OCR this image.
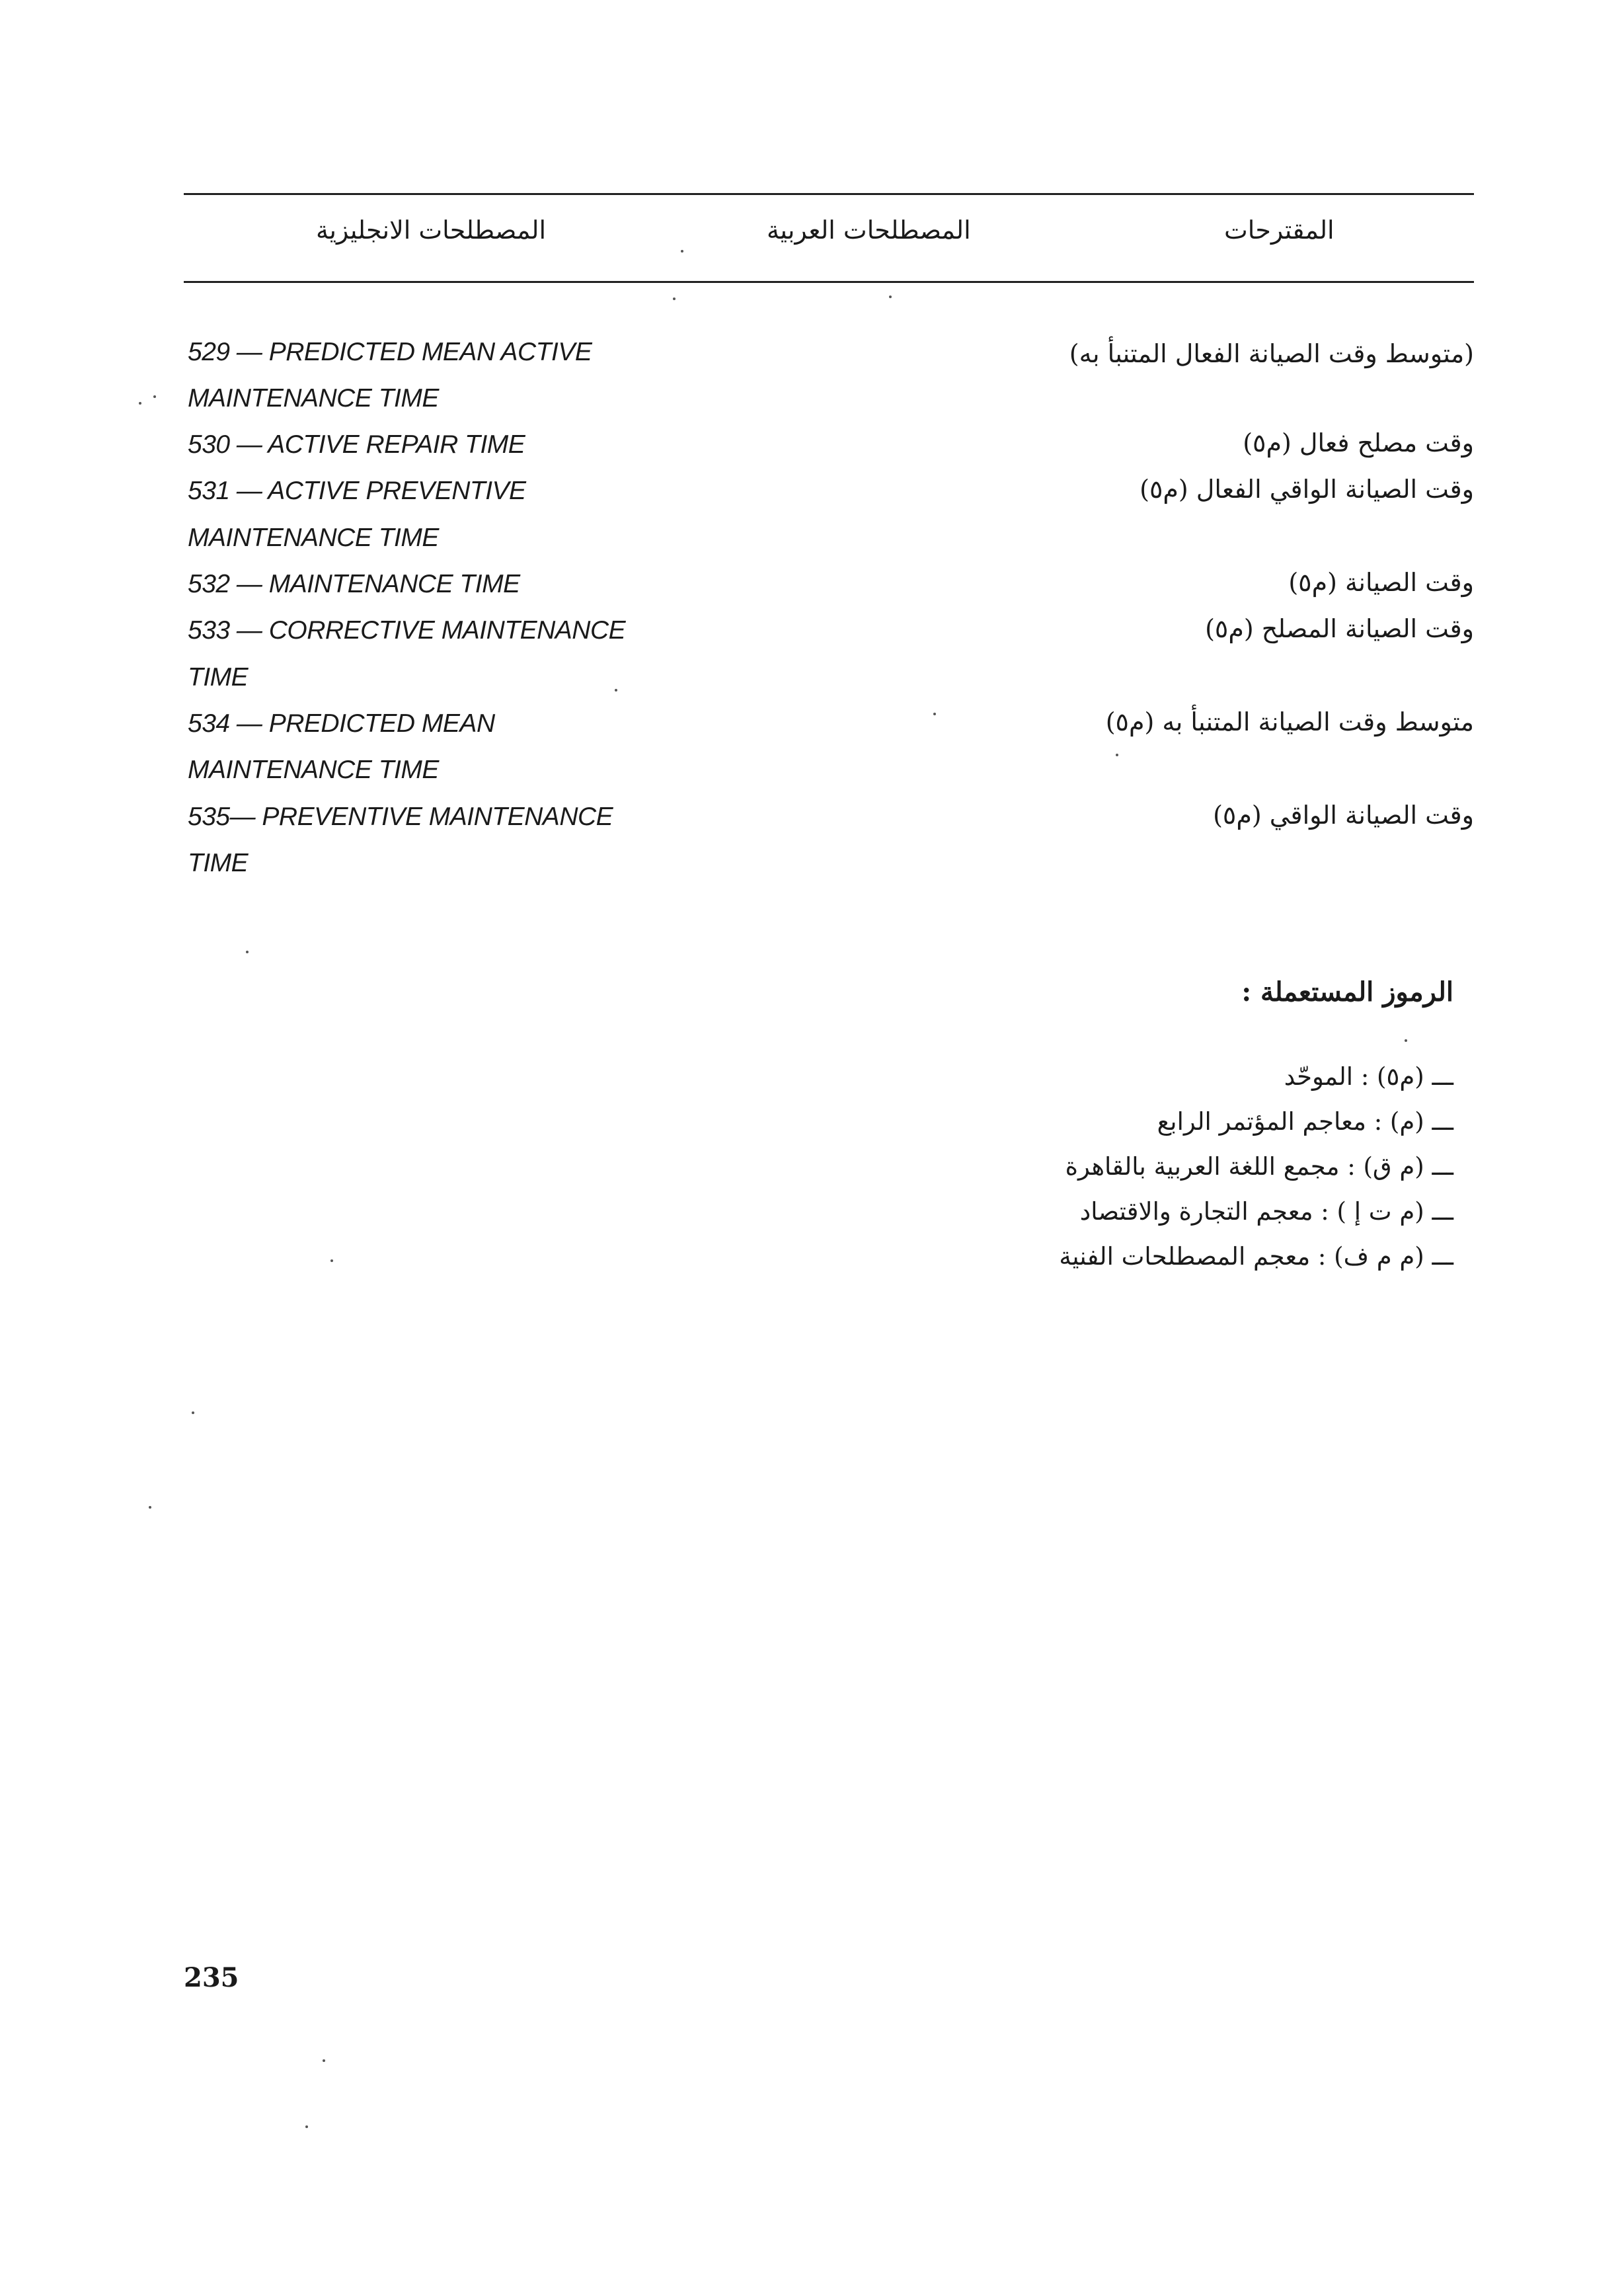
المصطلحات الانجليزية	المصطلحات العربية	المقترحات
529 — PREDICTED MEAN ACTIVE
MAINTENANCE TIME
530 — ACTIVE REPAIR TIME
531 — ACTIVE PREVENTIVE
MAINTENANCE TIME
532 — MAINTENANCE TIME
533 — CORRECTIVE MAINTENANCE
TIME
534 — PREDICTED MEAN
MAINTENANCE TIME
535— PREVENTIVE MAINTENANCE
TIME
(متوسط وقت الصيانة الفعال المتنبأ به)
وقت مصلح فعال (م٥)
وقت الصيانة الواقي الفعال (م٥)
وقت الصيانة (م٥)
وقت الصيانة المصلح (م٥)
متوسط وقت الصيانة المتنبأ به (م٥)
وقت الصيانة الواقي (م٥)
الرموز المستعملة :
ـــ (م٥) : الموحّد
ـــ (م) : معاجم المؤتمر الرابع
ـــ (م ق) : مجمع اللغة العربية بالقاهرة
ـــ (م ت إ ) : معجم التجارة والاقتصاد
ـــ (م م ف) : معجم المصطلحات الفنية
235
